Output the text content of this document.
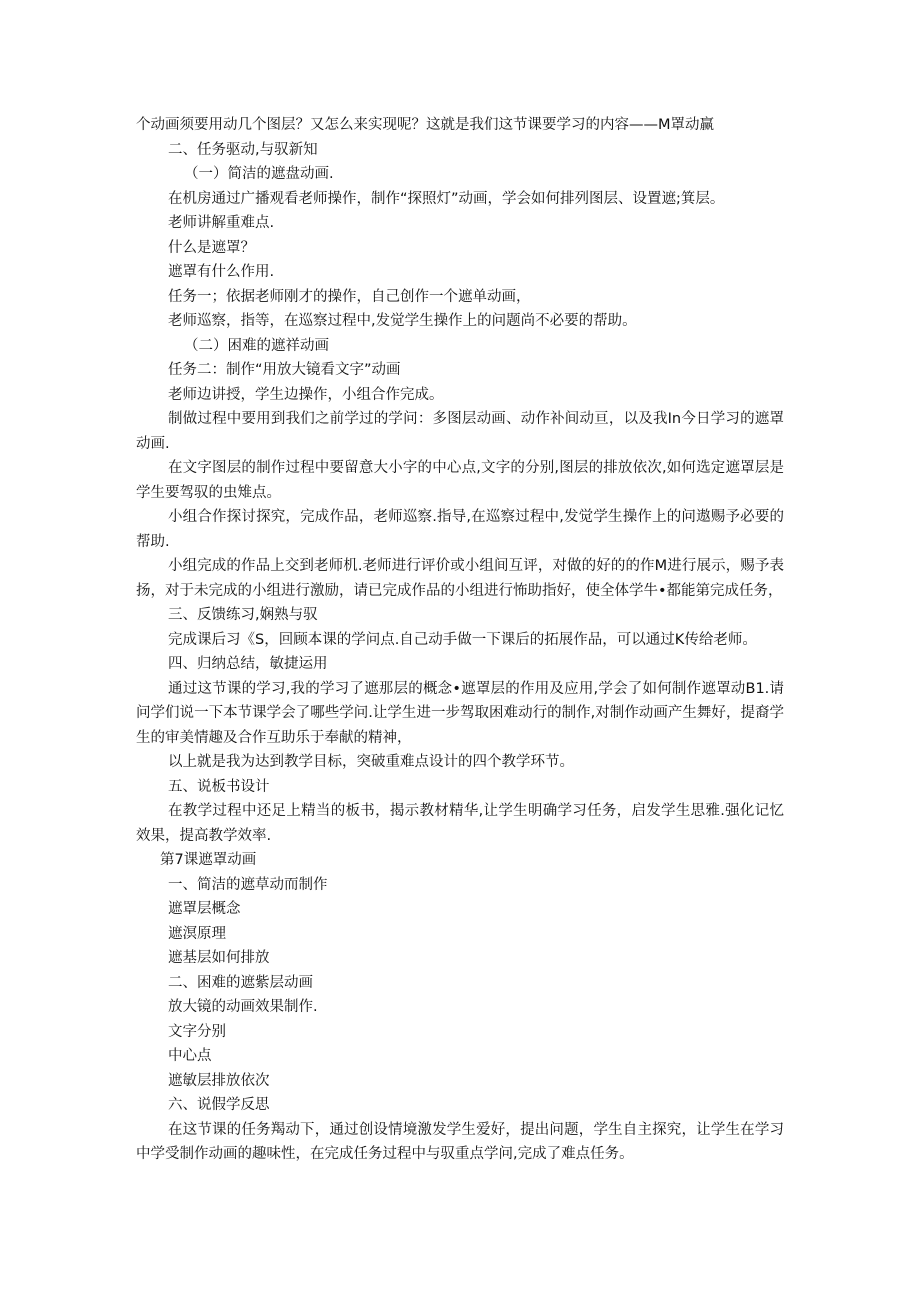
个动画须要用动几个图层？又怎么来实现呢？这就是我们这节课要学习的内容——M罩动赢
二、任务驱动,与驭新知
（一）简洁的遮盘动画.
在机房通过广播观看老师操作，制作“探照灯”动画，学会如何排列图层、设置遮;箕层。
老师讲解重难点.
什么是遮罩？
遮罩有什么作用.
任务一；依据老师刚才的操作，自己创作一个遮单动画，
老师巡察，指等，在巡察过程中,发觉学生操作上的问题尚不必要的帮助。
（二）困难的遮祥动画
任务二：制作“用放大镜看文字”动画
老师边讲授，学生边操作，小组合作完成。
制做过程中要用到我们之前学过的学问：多图层动画、动作补间动亘，以及我In今日学习的遮罩动画.
在文字图层的制作过程中要留意大小字的中心点,文字的分别,图层的排放依次,如何选定遮罩层是学生要驾驭的虫雉点。
小组合作探讨探究，完成作品，老师巡察.指导,在巡察过程中,发觉学生操作上的问遨赐予必要的帮助.
小组完成的作品上交到老师机.老师进行评价或小组间互评，对做的好的的作M进行展示，赐予表扬，对于未完成的小组进行激励，请已完成作品的小组进行怖助指好，使全体学牛•都能第完成任务，
三、反馈练习,娴熟与驭
完成课后习《S，回顾本课的学问点.自己动手做一下课后的拓展作品，可以通过K传给老师。
四、归纳总结，敏捷运用
通过这节课的学习,我的学习了遮那层的概念•遮罩层的作用及应用,学会了如何制作遮罩动B1.请问学们说一下本节课学会了哪些学问.让学生进一步驾取困难动行的制作,对制作动画产生舞好，提裔学生的审美情趣及合作互助乐于奉献的精神，
以上就是我为达到教学目标，突破重难点设计的四个教学环节。
五、说板书设计
在教学过程中还足上精当的板书，揭示教材精华,让学生明确学习任务，启发学生思雅.强化记忆效果，提高教学效率.
第7课遮罩动画
一、简洁的遮草动而制作
遮罩层概念
遮溟原理
遮基层如何排放
二、困难的遮紫层动画
放大镜的动画效果制作.
文字分别
中心点
遮敏层排放依次
六、说假学反思
在这节课的任务羯动下，通过创设情境激发学生爱好，提出问题，学生自主探究，让学生在学习中学受制作动画的趣味性，在完成任务过程中与驭重点学问,完成了难点任务。
